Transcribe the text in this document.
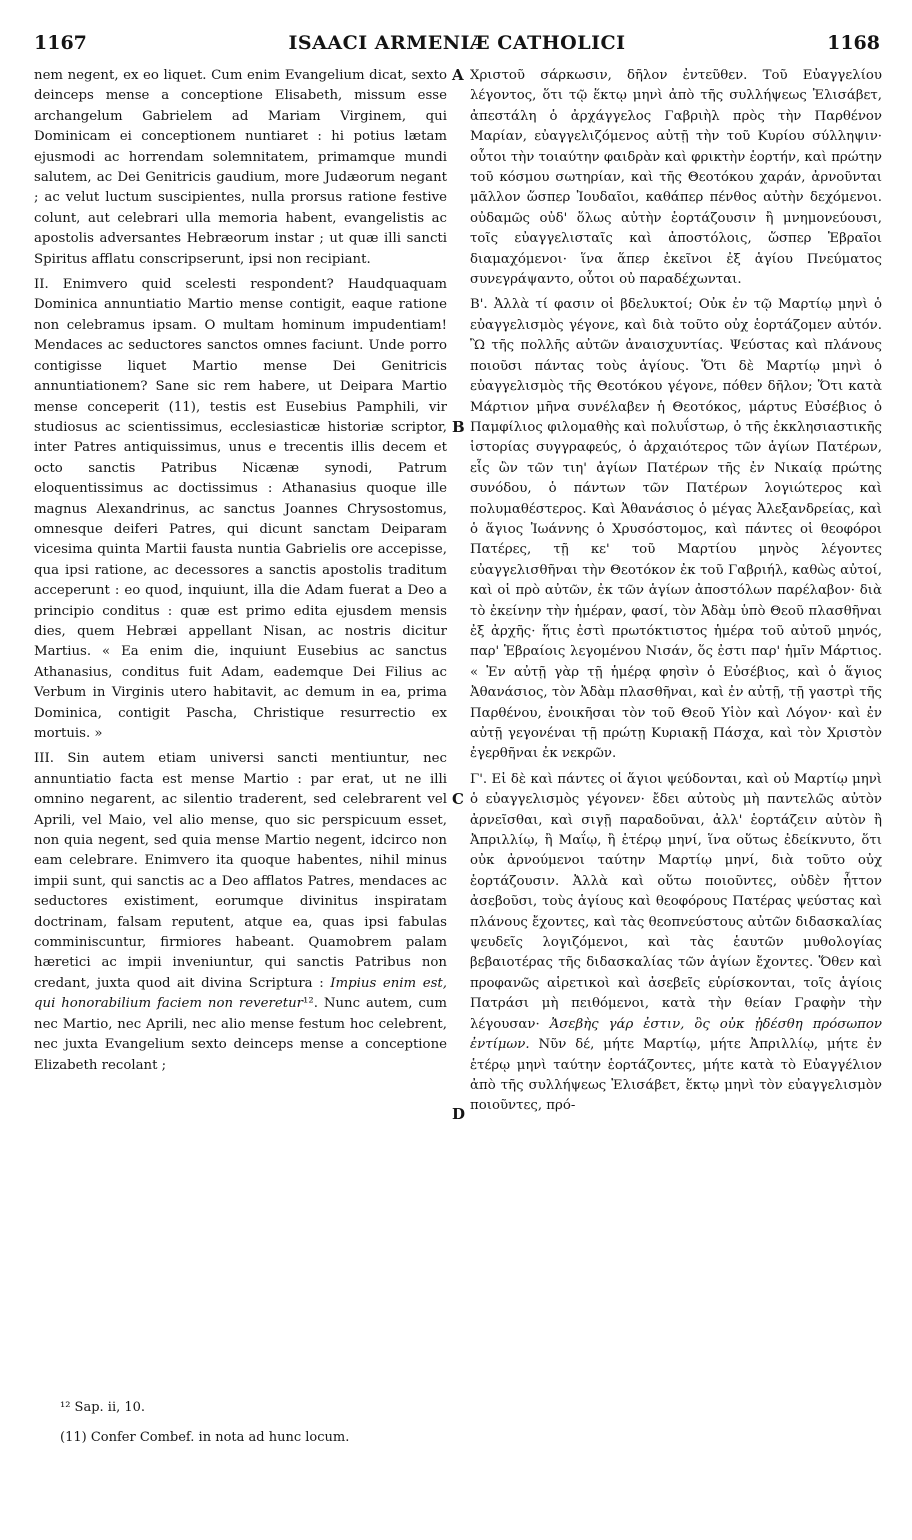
1167	ISAACI ARMENIÆ CATHOLICI	1168

nem negent, ex eo liquet. Cum enim Evangelium dicat, sexto deinceps mense a conceptione Elisabeth, missum esse archangelum Gabrielem ad Mariam Virginem, qui Dominicam ei conceptionem nuntiaret : hi potius lætam ejusmodi ac horrendam solemnitatem, primamque mundi salutem, ac Dei Genitricis gaudium, more Judæorum negant ; ac velut luctum suscipientes, nulla prorsus ratione festive colunt, aut celebrari ulla memoria habent, evangelistis ac apostolis adversantes Hebræorum instar ; ut quæ illi sancti Spiritus afflatu conscripserunt, ipsi non recipiant.

II. Enimvero quid scelesti respondent? Haudquaquam Dominica annuntiatio Martio mense contigit, eaque ratione non celebramus ipsam. O multam hominum impudentiam! Mendaces ac seductores sanctos omnes faciunt. Unde porro contigisse liquet Martio mense Dei Genitricis annuntiationem? Sane sic rem habere, ut Deipara Martio mense conceperit (11), testis est Eusebius Pamphili, vir studiosus ac scientissimus, ecclesiasticæ historiæ scriptor, inter Patres antiquissimus, unus e trecentis illis decem et octo sanctis Patribus Nicænæ synodi, Patrum eloquentissimus ac doctissimus : Athanasius quoque ille magnus Alexandrinus, ac sanctus Joannes Chrysostomus, omnesque deiferi Patres, qui dicunt sanctam Deiparam vicesima quinta Martii fausta nuntia Gabrielis ore accepisse, qua ipsi ratione, ac decessores a sanctis apostolis traditum acceperunt : eo quod, inquiunt, illa die Adam fuerat a Deo a principio conditus : quæ est primo edita ejusdem mensis dies, quem Hebræi appellant Nisan, ac nostris dicitur Martius. « Ea enim die, inquiunt Eusebius ac sanctus Athanasius, conditus fuit Adam, eademque Dei Filius ac Verbum in Virginis utero habitavit, ac demum in ea, prima Dominica, contigit Pascha, Christique resurrectio ex mortuis. »

III. Sin autem etiam universi sancti mentiuntur, nec annuntiatio facta est mense Martio : par erat, ut ne illi omnino negarent, ac silentio traderent, sed celebrarent vel Aprili, vel Maio, vel alio mense, quo sic perspicuum esset, non quia negent, sed quia mense Martio negent, idcirco non eam celebrare. Enimvero ita quoque habentes, nihil minus impii sunt, qui sanctis ac a Deo afflatos Patres, mendaces ac seductores existiment, eorumque divinitus inspiratam doctrinam, falsam reputent, atque ea, quas ipsi fabulas comminiscuntur, firmiores habeant. Quamobrem palam hæretici ac impii inveniuntur, qui sanctis Patribus non credant, juxta quod ait divina Scriptura : Impius enim est, qui honorabilium faciem non reveretur¹². Nunc autem, cum nec Martio, nec Aprili, nec alio mense festum hoc celebrent, nec juxta Evangelium sexto deinceps mense a conceptione Elizabeth recolant ;

A
B
C
D

Χριστοῦ σάρκωσιν, δῆλον ἐντεῦθεν. Τοῦ Εὐαγγελίου λέγοντος, ὅτι τῷ ἕκτῳ μηνὶ ἀπὸ τῆς συλλήψεως Ἐλισάβετ, ἀπεστάλη ὁ ἀρχάγγελος Γαβριὴλ πρὸς τὴν Παρθένον Μαρίαν, εὐαγγελιζόμενος αὐτῇ τὴν τοῦ Κυρίου σύλληψιν· οὗτοι τὴν τοιαύτην φαιδρὰν καὶ φρικτὴν ἑορτήν, καὶ πρώτην τοῦ κόσμου σωτηρίαν, καὶ τῆς Θεοτόκου χαράν, ἀρνοῦνται μᾶλλον ὥσπερ Ἰουδαῖοι, καθάπερ πένθος αὐτὴν δεχόμενοι. οὐδαμῶς οὐδ' ὅλως αὐτὴν ἑορτάζουσιν ἢ μνημονεύουσι, τοῖς εὐαγγελισταῖς καὶ ἀποστόλοις, ὥσπερ Ἑβραῖοι διαμαχόμενοι· ἵνα ἅπερ ἐκεῖνοι ἐξ ἁγίου Πνεύματος συνεγράψαντο, οὗτοι οὐ παραδέχωνται.

Β'. Ἀλλὰ τί φασιν οἱ βδελυκτοί; Οὐκ ἐν τῷ Μαρτίῳ μηνὶ ὁ εὐαγγελισμὸς γέγονε, καὶ διὰ τοῦτο οὐχ ἑορτάζομεν αὐτόν. Ὢ τῆς πολλῆς αὐτῶν ἀναισχυντίας. Ψεύστας καὶ πλάνους ποιοῦσι πάντας τοὺς ἁγίους. Ὅτι δὲ Μαρτίῳ μηνὶ ὁ εὐαγγελισμὸς τῆς Θεοτόκου γέγονε, πόθεν δῆλον; Ὅτι κατὰ Μάρτιον μῆνα συνέλαβεν ἡ Θεοτόκος, μάρτυς Εὐσέβιος ὁ Παμφίλιος φιλομαθὴς καὶ πολυΐστωρ, ὁ τῆς ἐκκλησιαστικῆς ἱστορίας συγγραφεύς, ὁ ἀρχαιότερος τῶν ἁγίων Πατέρων, εἷς ὢν τῶν τιη' ἁγίων Πατέρων τῆς ἐν Νικαίᾳ πρώτης συνόδου, ὁ πάντων τῶν Πατέρων λογιώτερος καὶ πολυμαθέστερος. Καὶ Ἀθανάσιος ὁ μέγας Ἀλεξανδρείας, καὶ ὁ ἅγιος Ἰωάννης ὁ Χρυσόστομος, καὶ πάντες οἱ θεοφόροι Πατέρες, τῇ κε' τοῦ Μαρτίου μηνὸς λέγοντες εὐαγγελισθῆναι τὴν Θεοτόκον ἐκ τοῦ Γαβριήλ, καθὼς αὐτοί, καὶ οἱ πρὸ αὐτῶν, ἐκ τῶν ἁγίων ἀποστόλων παρέλαβον· διὰ τὸ ἐκείνην τὴν ἡμέραν, φασί, τὸν Ἀδὰμ ὑπὸ Θεοῦ πλασθῆναι ἐξ ἀρχῆς· ἥτις ἐστὶ πρωτόκτιστος ἡμέρα τοῦ αὐτοῦ μηνός, παρ' Ἑβραίοις λεγομένου Νισάν, ὅς ἐστι παρ' ἡμῖν Μάρτιος. « Ἐν αὐτῇ γὰρ τῇ ἡμέρᾳ φησὶν ὁ Εὐσέβιος, καὶ ὁ ἅγιος Ἀθανάσιος, τὸν Ἀδὰμ πλασθῆναι, καὶ ἐν αὐτῇ, τῇ γαστρὶ τῆς Παρθένου, ἐνοικῆσαι τὸν τοῦ Θεοῦ Υἱὸν καὶ Λόγον· καὶ ἐν αὐτῇ γεγονέναι τῇ πρώτῃ Κυριακῇ Πάσχα, καὶ τὸν Χριστὸν ἐγερθῆναι ἐκ νεκρῶν.

Γ'. Εἰ δὲ καὶ πάντες οἱ ἅγιοι ψεύδονται, καὶ οὐ Μαρτίῳ μηνὶ ὁ εὐαγγελισμὸς γέγονεν· ἔδει αὐτοὺς μὴ παντελῶς αὐτὸν ἀρνεῖσθαι, καὶ σιγῇ παραδοῦναι, ἀλλ' ἑορτάζειν αὐτὸν ἢ Ἀπριλλίῳ, ἢ Μαΐῳ, ἢ ἑτέρῳ μηνί, ἵνα οὕτως ἐδείκνυτο, ὅτι οὐκ ἀρνούμενοι ταύτην Μαρτίῳ μηνί, διὰ τοῦτο οὐχ ἑορτάζουσιν. Ἀλλὰ καὶ οὕτω ποιοῦντες, οὐδὲν ἧττον ἀσεβοῦσι, τοὺς ἁγίους καὶ θεοφόρους Πατέρας ψεύστας καὶ πλάνους ἔχοντες, καὶ τὰς θεοπνεύστους αὐτῶν διδασκαλίας ψευδεῖς λογιζόμενοι, καὶ τὰς ἑαυτῶν μυθολογίας βεβαιοτέρας τῆς διδασκαλίας τῶν ἁγίων ἔχοντες. Ὅθεν καὶ προφανῶς αἱρετικοὶ καὶ ἀσεβεῖς εὑρίσκονται, τοῖς ἁγίοις Πατράσι μὴ πειθόμενοι, κατὰ τὴν θείαν Γραφὴν τὴν λέγουσαν· Ἀσεβὴς γάρ ἐστιν, ὃς οὐκ ᾐδέσθη πρόσωπον ἐντίμων. Νῦν δέ, μήτε Μαρτίῳ, μήτε Ἀπριλλίῳ, μήτε ἐν ἑτέρῳ μηνὶ ταύτην ἑορτάζοντες, μήτε κατὰ τὸ Εὐαγγέλιον ἀπὸ τῆς συλλήψεως Ἐλισάβετ, ἕκτῳ μηνὶ τὸν εὐαγγελισμὸν ποιοῦντες, πρό-

¹² Sap. ii, 10.
(11) Confer Combef. in nota ad hunc locum.
